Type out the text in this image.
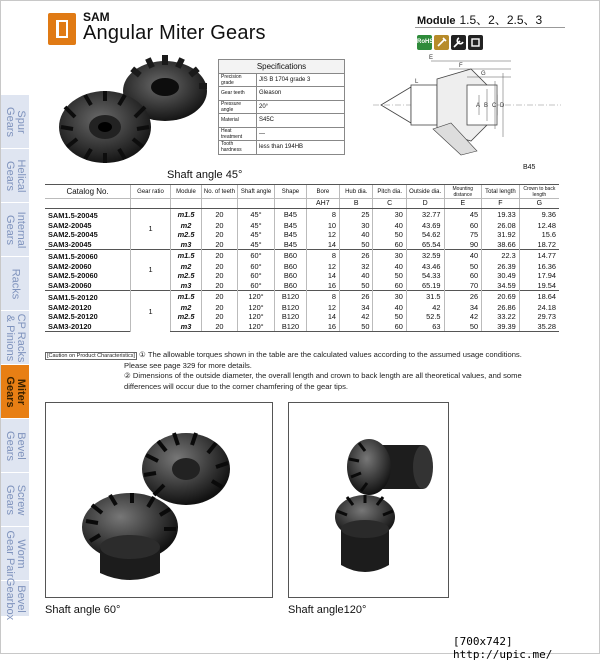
SAM
Angular Miter Gears
Module 1.5、2、2.5、3
RoHS
Spur Gears
Helical Gears
Internal Gears
Racks
CP Racks & Pinions
Miter Gears
Bevel Gears
Screw Gears
Worm Gear Pair
Bevel Gearbox
Shaft angle 45°
Specifications	
Precision grade	JIS B 1704 grade 3
Gear teeth	Gleason
Pressure angle	20°
Material	S45C
Heat treatment	—
Tooth hardness	less than 194HB
E
F
G
L
A B C D
B45
Catalog No.	Gear ratio	Module	No. of teeth	Shaft angle	Shape	Bore	Hub dia.	Pitch dia.	Outside dia.	Mounting distance	Total length	Crown to back length
						AH7	B	C	D	E	F	G
SAM1.5-20045	1	m1.5	20	45°	B45	8	25	30	32.77	45	19.33	9.36
SAM2-20045		m2	20	45°	B45	10	30	40	43.69	60	26.08	12.48
SAM2.5-20045		m2.5	20	45°	B45	12	40	50	54.62	75	31.92	15.6
SAM3-20045		m3	20	45°	B45	14	50	60	65.54	90	38.66	18.72
SAM1.5-20060	1	m1.5	20	60°	B60	8	26	30	32.59	40	22.3	14.77
SAM2-20060		m2	20	60°	B60	12	32	40	43.46	50	26.39	16.36
SAM2.5-20060		m2.5	20	60°	B60	14	40	50	54.33	60	30.49	17.94
SAM3-20060		m3	20	60°	B60	16	50	60	65.19	70	34.59	19.54
SAM1.5-20120	1	m1.5	20	120°	B120	8	26	30	31.5	26	20.69	18.64
SAM2-20120		m2	20	120°	B120	12	34	40	42	34	26.86	24.18
SAM2.5-20120		m2.5	20	120°	B120	14	42	50	52.5	42	33.22	29.73
SAM3-20120		m3	20	120°	B120	16	50	60	63	50	39.39	35.28
[Caution on Product Characteristics] ① The allowable torques shown in the table are the calculated values according to the assumed usage conditions.
Please see page 329 for more details.
② Dimensions of the outside diameter, the overall length and crown to back length are all theoretical values, and some
differences will occur due to the corner chamfering of the gear tips.
Shaft angle 60°	Shaft angle120°
[700x742] http://upic.me/
